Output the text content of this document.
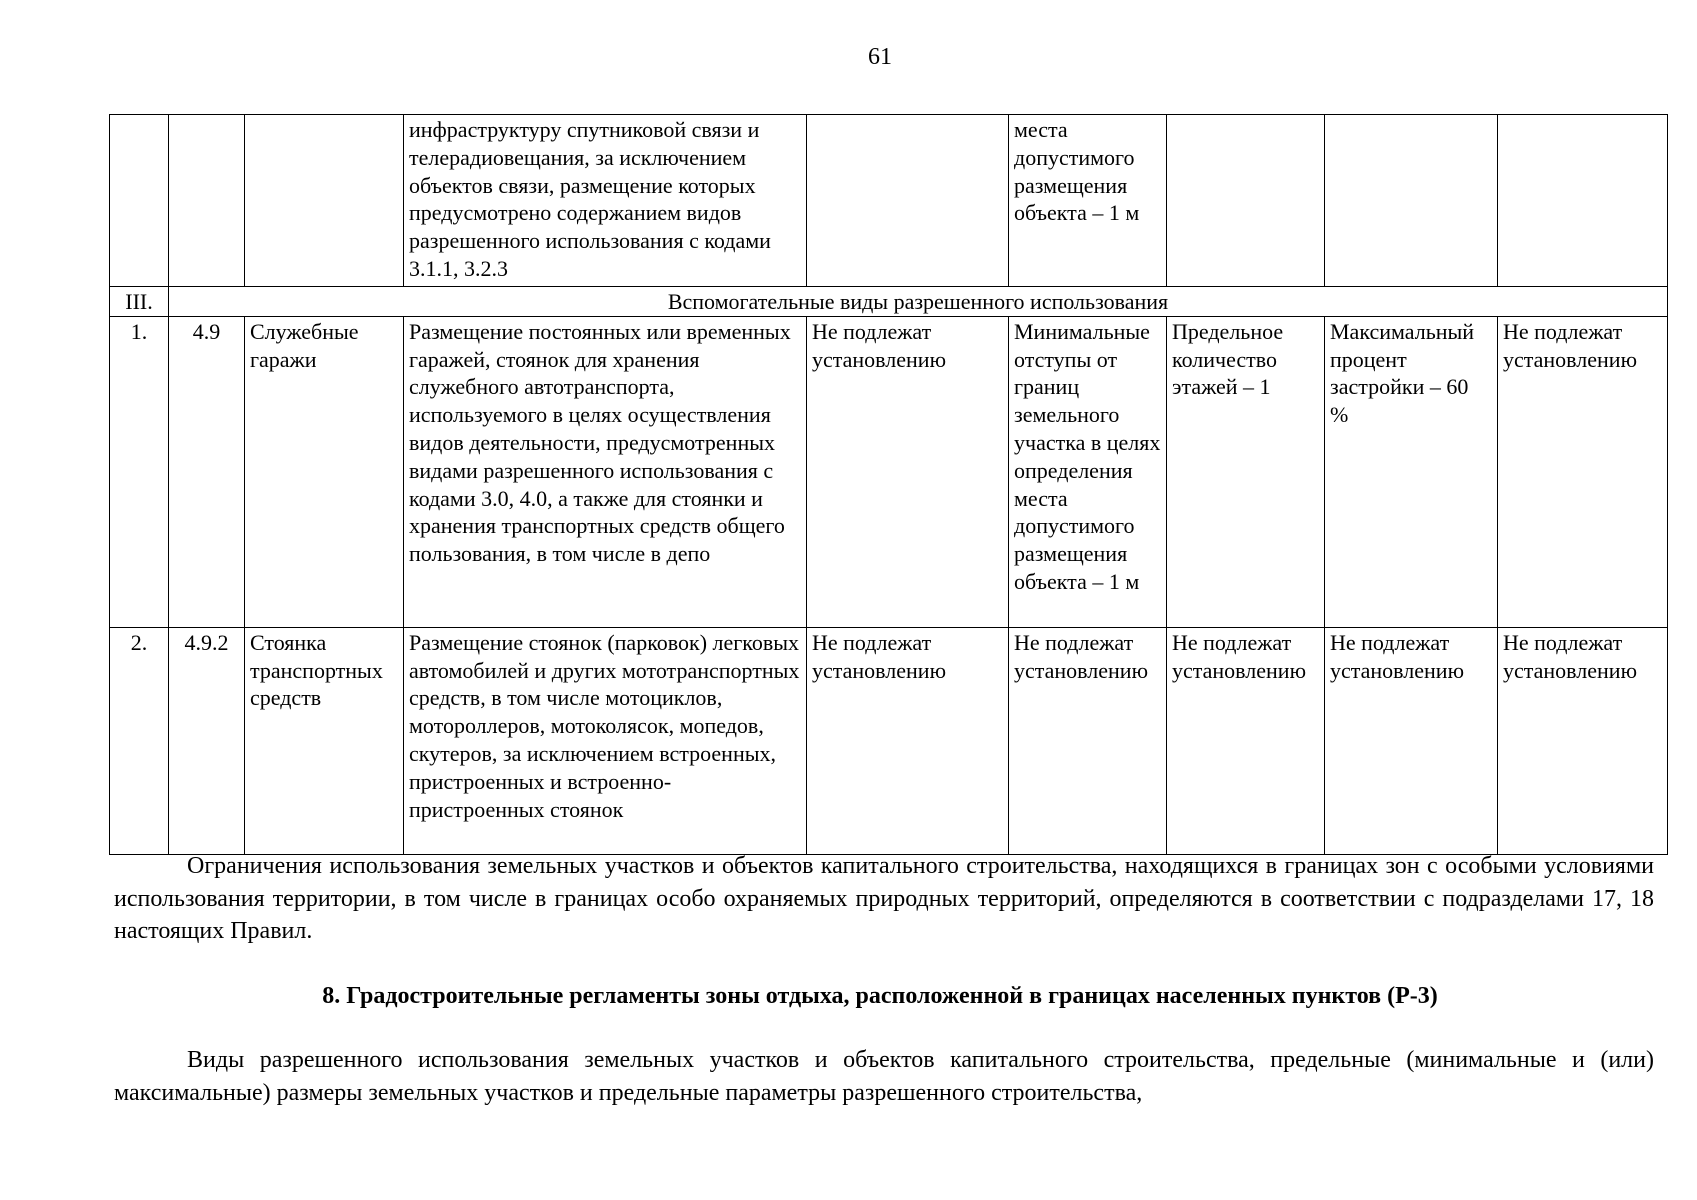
61
			инфраструктуру спутниковой связи и телерадиовещания, за исключением объектов связи, размещение которых предусмотрено содержанием видов разрешенного использования с кодами 3.1.1, 3.2.3		места допустимого размещения объекта – 1 м			
III.	Вспомогательные виды разрешенного использования							
1.	4.9	Служебные гаражи	Размещение постоянных или временных гаражей, стоянок для хранения служебного автотранспорта, используемого в целях осуществления видов деятельности, предусмотренных видами разрешенного использования с кодами 3.0, 4.0, а также для стоянки и хранения транспортных средств общего пользования, в том числе в депо	Не подлежат установлению	Минимальные отступы от границ земельного участка в целях определения места допустимого размещения объекта – 1 м	Предельное количество этажей – 1	Максимальный процент застройки – 60 %	Не подлежат установлению
2.	4.9.2	Стоянка транспортных средств	Размещение стоянок (парковок) легковых автомобилей и других мототранспортных средств, в том числе мотоциклов, мотороллеров, мотоколясок, мопедов, скутеров, за исключением встроенных, пристроенных и встроенно-пристроенных стоянок	Не подлежат установлению	Не подлежат установлению	Не подлежат установлению	Не подлежат установлению	Не подлежат установлению

Ограничения использования земельных участков и объектов капитального строительства, находящихся в границах зон с особыми условиями использования территории, в том числе в границах особо охраняемых природных территорий, определяются в соответствии с подразделами 17, 18 настоящих Правил.

8. Градостроительные регламенты зоны отдыха, расположенной в границах населенных пунктов (Р-3)

Виды разрешенного использования земельных участков и объектов капитального строительства, предельные (минимальные и (или) максимальные) размеры земельных участков и предельные параметры разрешенного строительства,
